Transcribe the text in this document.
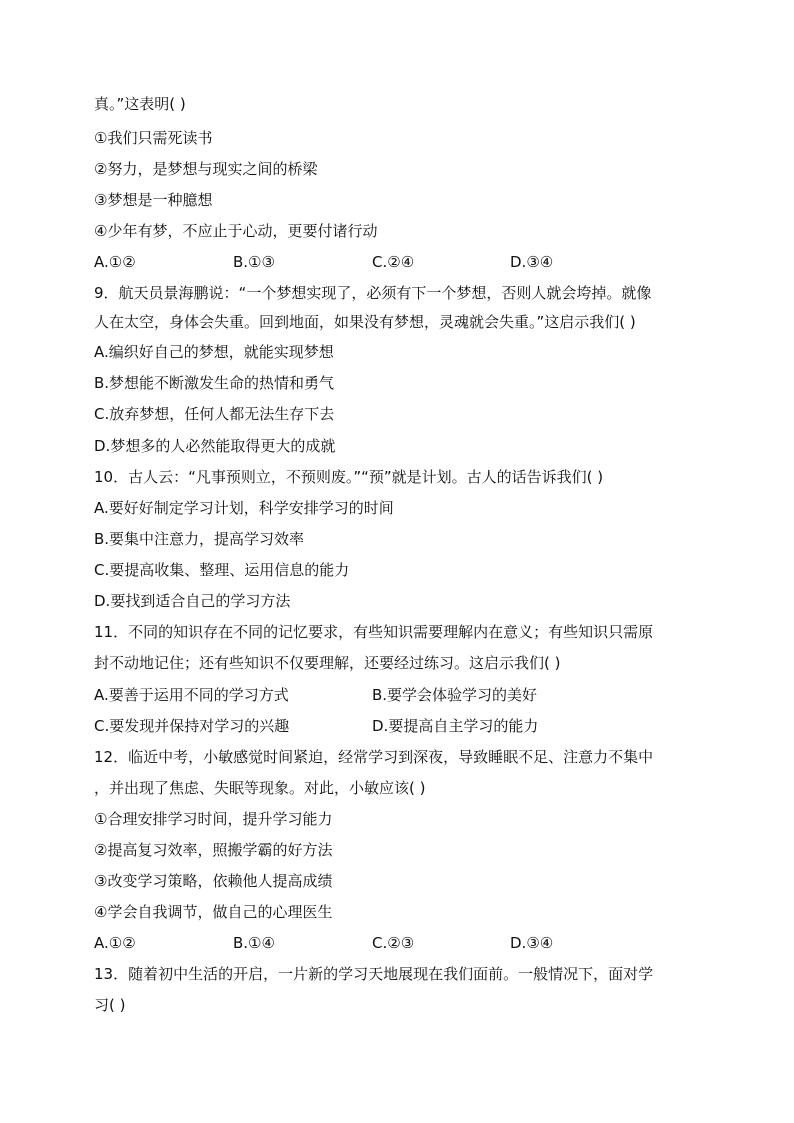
真。”这表明( )
①我们只需死读书
②努力，是梦想与现实之间的桥梁
③梦想是一种臆想
④少年有梦，不应止于心动，更要付诸行动
A.①②	B.①③	C.②④	D.③④
9．航天员景海鹏说：“一个梦想实现了，必须有下一个梦想，否则人就会垮掉。就像
人在太空，身体会失重。回到地面，如果没有梦想，灵魂就会失重。”这启示我们( )
A.编织好自己的梦想，就能实现梦想
B.梦想能不断激发生命的热情和勇气
C.放弃梦想，任何人都无法生存下去
D.梦想多的人必然能取得更大的成就
10．古人云：“凡事预则立，不预则废。”“预”就是计划。古人的话告诉我们( )
A.要好好制定学习计划，科学安排学习的时间
B.要集中注意力，提高学习效率
C.要提高收集、整理、运用信息的能力
D.要找到适合自己的学习方法
11．不同的知识存在不同的记忆要求，有些知识需要理解内在意义；有些知识只需原
封不动地记住；还有些知识不仅要理解，还要经过练习。这启示我们( )
A.要善于运用不同的学习方式	B.要学会体验学习的美好
C.要发现并保持对学习的兴趣	D.要提高自主学习的能力
12．临近中考，小敏感觉时间紧迫，经常学习到深夜，导致睡眠不足、注意力不集中
，并出现了焦虑、失眠等现象。对此，小敏应该( )
①合理安排学习时间，提升学习能力
②提高复习效率，照搬学霸的好方法
③改变学习策略，依赖他人提高成绩
④学会自我调节，做自己的心理医生
A.①②	B.①④	C.②③	D.③④
13．随着初中生活的开启，一片新的学习天地展现在我们面前。一般情况下，面对学
习( )
